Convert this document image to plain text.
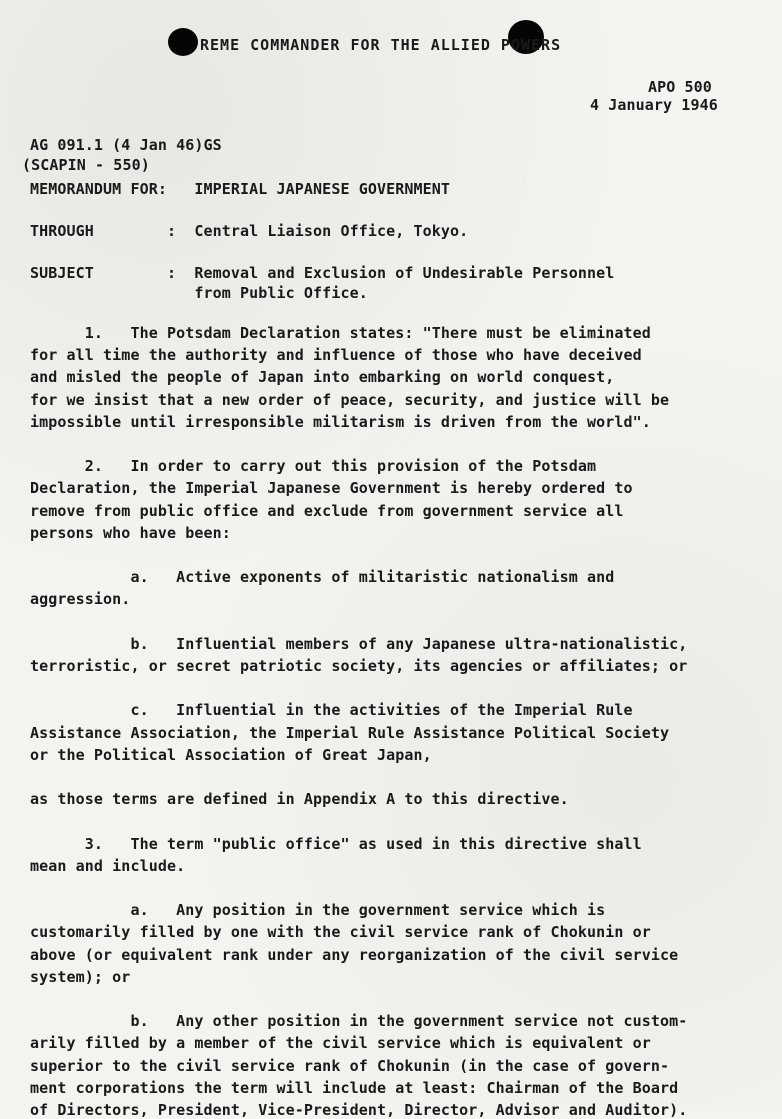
REME COMMANDER FOR THE ALLIED POWERS
APO 500
4 January 1946
AG 091.1 (4 Jan 46)GS
(SCAPIN - 550)
MEMORANDUM FOR:   IMPERIAL JAPANESE GOVERNMENT
THROUGH        :  Central Liaison Office, Tokyo.
SUBJECT        :  Removal and Exclusion of Undesirable Personnel
from Public Office.
1.   The Potsdam Declaration states: "There must be eliminated
for all time the authority and influence of those who have deceived
and misled the people of Japan into embarking on world conquest,
for we insist that a new order of peace, security, and justice will be
impossible until irresponsible militarism is driven from the world".
2.   In order to carry out this provision of the Potsdam
Declaration, the Imperial Japanese Government is hereby ordered to
remove from public office and exclude from government service all
persons who have been:
a.   Active exponents of militaristic nationalism and
aggression.
b.   Influential members of any Japanese ultra-nationalistic,
terroristic, or secret patriotic society, its agencies or affiliates; or
c.   Influential in the activities of the Imperial Rule
Assistance Association, the Imperial Rule Assistance Political Society
or the Political Association of Great Japan,
as those terms are defined in Appendix A to this directive.
3.   The term "public office" as used in this directive shall
mean and include.
a.   Any position in the government service which is
customarily filled by one with the civil service rank of Chokunin or
above (or equivalent rank under any reorganization of the civil service
system); or
b.   Any other position in the government service not custom-
arily filled by a member of the civil service which is equivalent or
superior to the civil service rank of Chokunin (in the case of govern-
ment corporations the term will include at least: Chairman of the Board
of Directors, President, Vice-President, Director, Advisor and Auditor).
